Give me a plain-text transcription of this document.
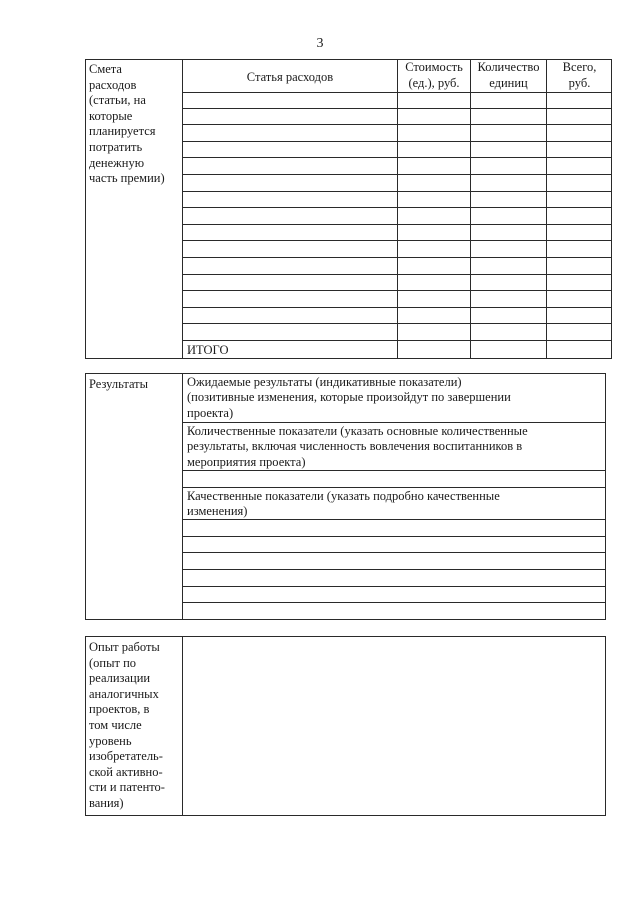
3
Смета
расходов
(статьи, на
которые
планируется
потратить
денежную
часть премии)
Статья расходов
Стоимость
(ед.), руб.
Количество
единиц
Всего,
руб.
ИТОГО
Результаты	Ожидаемые результаты (индикативные показатели)
(позитивные изменения, которые произойдут по завершении
проекта)
Количественные показатели (указать основные количественные
результаты, включая численность вовлечения воспитанников в
мероприятия проекта)
Качественные показатели (указать подробно качественные
изменения)
Опыт работы
(опыт по
реализации
аналогичных
проектов, в
том числе
уровень
изобретатель-
ской активно-
сти и патенто-
вания)
